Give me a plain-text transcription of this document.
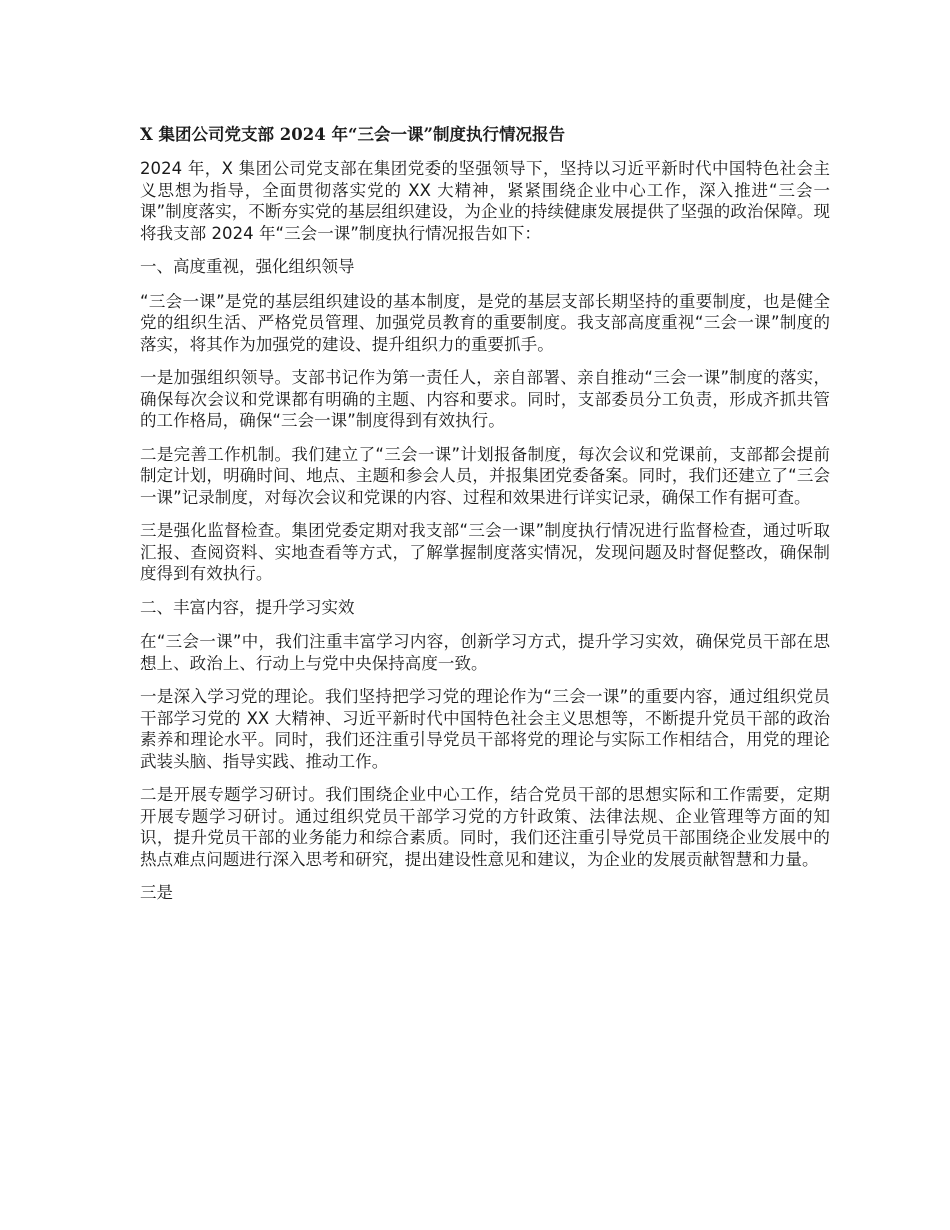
X 集团公司党支部 2024 年“三会一课”制度执行情况报告

2024 年，X 集团公司党支部在集团党委的坚强领导下，坚持以习近平新时代中国特色社会主义思想为指导，全面贯彻落实党的 XX 大精神，紧紧围绕企业中心工作，深入推进“三会一课”制度落实，不断夯实党的基层组织建设，为企业的持续健康发展提供了坚强的政治保障。现将我支部 2024 年“三会一课”制度执行情况报告如下：

一、高度重视，强化组织领导

“三会一课”是党的基层组织建设的基本制度，是党的基层支部长期坚持的重要制度，也是健全党的组织生活、严格党员管理、加强党员教育的重要制度。我支部高度重视“三会一课”制度的落实，将其作为加强党的建设、提升组织力的重要抓手。

一是加强组织领导。支部书记作为第一责任人，亲自部署、亲自推动“三会一课”制度的落实，确保每次会议和党课都有明确的主题、内容和要求。同时，支部委员分工负责，形成齐抓共管的工作格局，确保“三会一课”制度得到有效执行。

二是完善工作机制。我们建立了“三会一课”计划报备制度，每次会议和党课前，支部都会提前制定计划，明确时间、地点、主题和参会人员，并报集团党委备案。同时，我们还建立了“三会一课”记录制度，对每次会议和党课的内容、过程和效果进行详实记录，确保工作有据可查。

三是强化监督检查。集团党委定期对我支部“三会一课”制度执行情况进行监督检查，通过听取汇报、查阅资料、实地查看等方式，了解掌握制度落实情况，发现问题及时督促整改，确保制度得到有效执行。

二、丰富内容，提升学习实效

在“三会一课”中，我们注重丰富学习内容，创新学习方式，提升学习实效，确保党员干部在思想上、政治上、行动上与党中央保持高度一致。

一是深入学习党的理论。我们坚持把学习党的理论作为“三会一课”的重要内容，通过组织党员干部学习党的 XX 大精神、习近平新时代中国特色社会主义思想等，不断提升党员干部的政治素养和理论水平。同时，我们还注重引导党员干部将党的理论与实际工作相结合，用党的理论武装头脑、指导实践、推动工作。

二是开展专题学习研讨。我们围绕企业中心工作，结合党员干部的思想实际和工作需要，定期开展专题学习研讨。通过组织党员干部学习党的方针政策、法律法规、企业管理等方面的知识，提升党员干部的业务能力和综合素质。同时，我们还注重引导党员干部围绕企业发展中的热点难点问题进行深入思考和研究，提出建设性意见和建议，为企业的发展贡献智慧和力量。

三是
